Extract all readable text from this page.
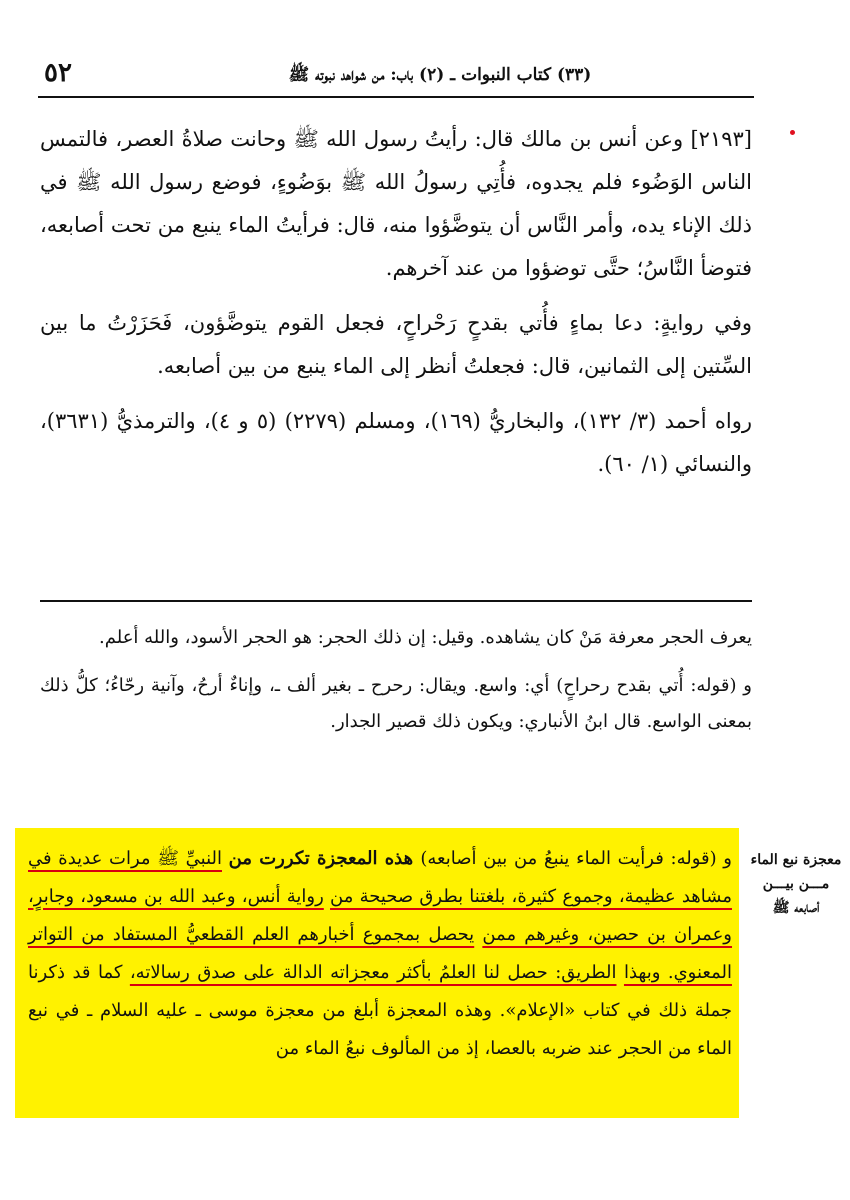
٥٢	(٣٣) كتاب النبوات ـ (٢) باب: من شواهد نبوته ﷺ

[٢١٩٣] وعن أنس بن مالك قال: رأيتُ رسول الله ﷺ وحانت صلاةُ العصر، فالتمس الناس الوَضُوء فلم يجدوه، فأُتِي رسولُ الله ﷺ بوَضُوءٍ، فوضع رسول الله ﷺ في ذلك الإناء يده، وأمر النَّاس أن يتوضَّؤوا منه، قال: فرأيتُ الماء ينبع من تحت أصابعه، فتوضأ النَّاسُ؛ حتَّى توضؤوا من عند آخرهم.

وفي روايةٍ: دعا بماءٍ فأُتي بقدحٍ رَحْراحٍ، فجعل القوم يتوضَّؤون، فَحَزَرْتُ ما بين السِّتين إلى الثمانين، قال: فجعلتُ أنظر إلى الماء ينبع من بين أصابعه.

رواه أحمد (٣/ ١٣٢)، والبخاريُّ (١٦٩)، ومسلم (٢٢٧٩) (٥ و ٤)، والترمذيُّ (٣٦٣١)، والنسائي (١/ ٦٠).

يعرف الحجر معرفة مَنْ كان يشاهده. وقيل: إن ذلك الحجر: هو الحجر الأسود، والله أعلم.

و (قوله: أُتي بقدح رحراحٍ) أي: واسع. ويقال: رحرح ـ بغير ألف ـ، وإناءٌ أرحُ، وآنية رحّاءُ؛ كلُّ ذلك بمعنى الواسع. قال ابنُ الأنباري: ويكون ذلك قصير الجدار.

و (قوله: فرأيت الماء ينبعُ من بين أصابعه) هذه المعجزة تكررت من النبيِّ ﷺ مرات عديدة في مشاهد عظيمة، وجموع كثيرة، بلغتنا بطرق صحيحة من رواية أنس، وعبد الله بن مسعود، وجابرٍ، وعمران بن حصين، وغيرهم ممن يحصل بمجموع أخبارهم العلم القطعيُّ المستفاد من التواتر المعنوي. وبهذا الطريق: حصل لنا العلمُ بأكثر معجزاته الدالة على صدق رسالاته، كما قد ذكرنا جملة ذلك في كتاب «الإعلام». وهذه المعجزة أبلغ من معجزة موسى ـ عليه السلام ـ في نبع الماء من الحجر عند ضربه بالعصا، إذ من المألوف نبعُ الماء من
معجزة نبع الماء
مـــن بيـــن
أصابعه ﷺ
